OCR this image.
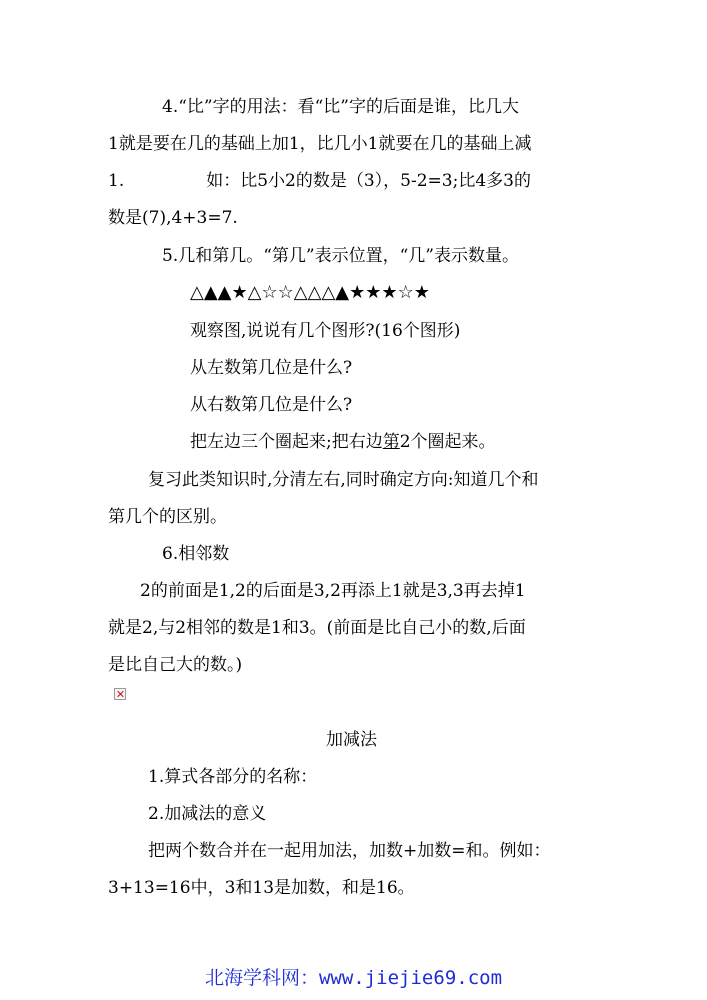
4.“比”字的用法：看“比”字的后面是谁，比几大

1就是要在几的基础上加1，比几小1就要在几的基础上减

1.	如：比5小2的数是（3），5-2=3;比4多3的

数是(7),4+3=7.

5.几和第几。“第几”表示位置，“几”表示数量。

△▲▲★△☆☆△△△▲★★★☆★

观察图,说说有几个图形?(16个图形)

从左数第几位是什么?

从右数第几位是什么?

把左边三个圈起来;把右边第2个圈起来。

复习此类知识时,分清左右,同时确定方向:知道几个和

第几个的区别。

6.相邻数

2的前面是1,2的后面是3,2再添上1就是3,3再去掉1

就是2,与2相邻的数是1和3。(前面是比自己小的数,后面

是比自己大的数。)

加减法

1.算式各部分的名称：

2.加减法的意义

把两个数合并在一起用加法，加数+加数=和。例如：

3+13=16中，3和13是加数，和是16。

北海学科网：www.jiejie69.com
